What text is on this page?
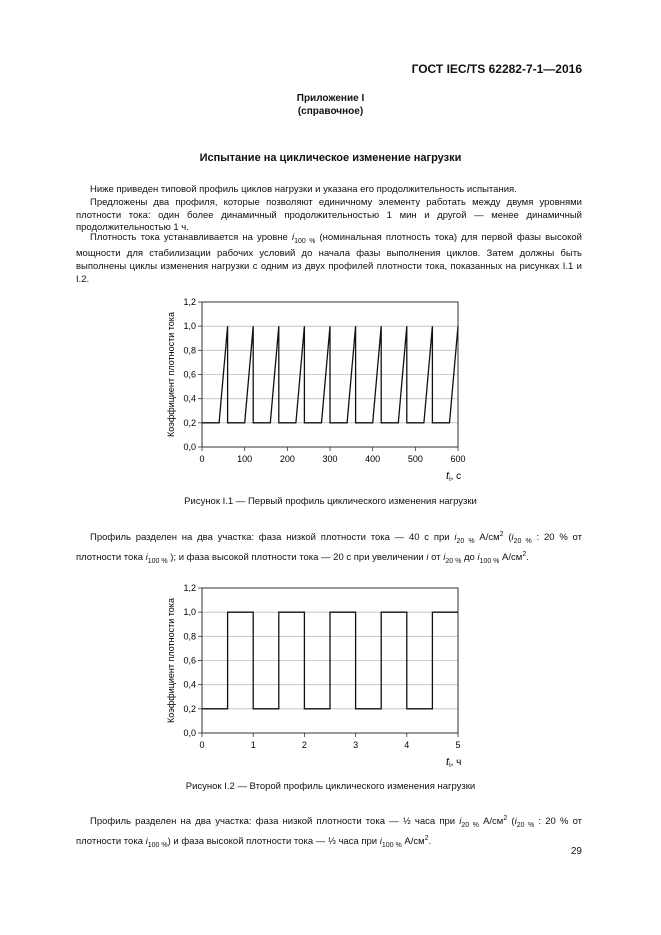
ГОСТ IEC/TS 62282-7-1—2016
Приложение I
(справочное)
Испытание на циклическое изменение нагрузки
Ниже приведен типовой профиль циклов нагрузки и указана его продолжительность испытания.
Предложены два профиля, которые позволяют единичному элементу работать между двумя уровнями плотности тока: один более динамичный продолжительностью 1 мин и другой — менее динамичный продолжительностью 1 ч.
Плотность тока устанавливается на уровне $i_{100 \%}$ (номинальная плотность тока) для первой фазы высокой мощности для стабилизации рабочих условий до начала фазы выполнения циклов. Затем должны быть выполнены циклы изменения нагрузки с одним из двух профилей плотности тока, показанных на рисунках I.1 и I.2.
0,0
0,2
0,4
0,6
0,8
1,0
1,2
0	100	200	300	400	500	600
Коэффициент плотности тока
$t_i$, с
Рисунок I.1 — Первый профиль циклического изменения нагрузки
Профиль разделен на два участка: фаза низкой плотности тока — 40 с при $i_{20 \%}$ $А/см^2$ ($i_{20 \%}$ : 20 % от плотности тока $i_{100 \%}$ ); и фаза высокой плотности тока — 20 с при увеличении i от $i_{20 \%}$ до $i_{100 \%}$ $А/см^2$.
0,0
0,2
0,4
0,6
0,8
1,0
1,2
0	1	2	3	4	5
Коэффициент плотности тока
$t_i$, ч
Рисунок I.2 — Второй профиль циклического изменения нагрузки
Профиль разделен на два участка: фаза низкой плотности тока — ½ часа при $i_{20 \%}$ $А/см^2$ ($i_{20 \%}$ : 20 % от плотности тока $i_{100 \%}$) и фаза высокой плотности тока — ⅓ часа при $i_{100 \%}$ $А/см^2$.
29
